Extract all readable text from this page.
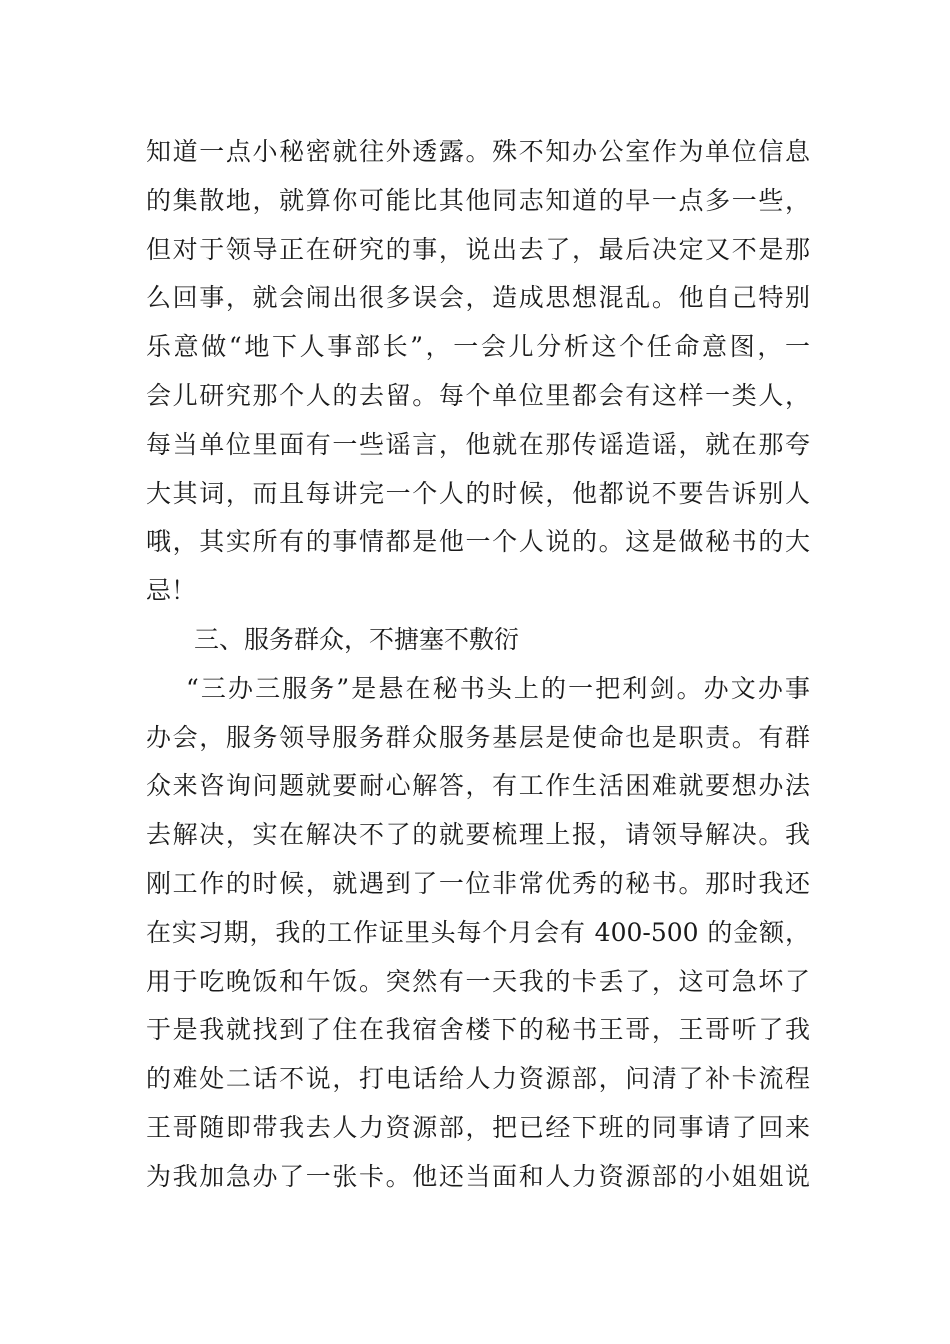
知道一点小秘密就往外透露。殊不知办公室作为单位信息
的集散地，就算你可能比其他同志知道的早一点多一些，
但对于领导正在研究的事，说出去了，最后决定又不是那
么回事，就会闹出很多误会，造成思想混乱。他自己特别
乐意做“地下人事部长”，一会儿分析这个任命意图，一
会儿研究那个人的去留。每个单位里都会有这样一类人，
每当单位里面有一些谣言，他就在那传谣造谣，就在那夸
大其词，而且每讲完一个人的时候，他都说不要告诉别人
哦，其实所有的事情都是他一个人说的。这是做秘书的大
忌！
三、服务群众，不搪塞不敷衍
“三办三服务”是悬在秘书头上的一把利剑。办文办事
办会，服务领导服务群众服务基层是使命也是职责。有群
众来咨询问题就要耐心解答，有工作生活困难就要想办法
去解决，实在解决不了的就要梳理上报，请领导解决。我
刚工作的时候，就遇到了一位非常优秀的秘书。那时我还
在实习期，我的工作证里头每个月会有 400-500 的金额，
用于吃晚饭和午饭。突然有一天我的卡丢了，这可急坏了
于是我就找到了住在我宿舍楼下的秘书王哥，王哥听了我
的难处二话不说，打电话给人力资源部，问清了补卡流程
王哥随即带我去人力资源部，把已经下班的同事请了回来
为我加急办了一张卡。他还当面和人力资源部的小姐姐说
